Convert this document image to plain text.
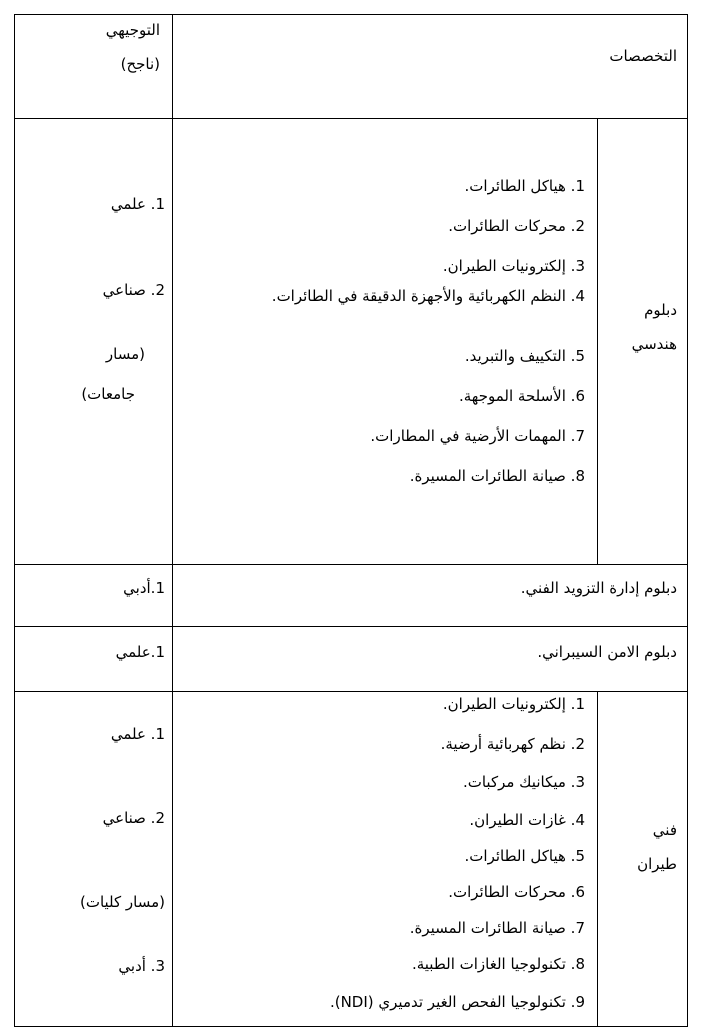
التخصصات
التوجيهي
(ناجح)
دبلوم
هندسي
1. هياكل الطائرات.
2. محركات الطائرات.
3. إلكترونيات الطيران.
4. النظم الكهربائية والأجهزة الدقيقة في الطائرات.
5. التكييف والتبريد.
6. الأسلحة الموجهة.
7. المهمات الأرضية في المطارات.
8. صيانة الطائرات المسيرة.
1. علمي
2. صناعي
(مسار
جامعات)
دبلوم إدارة التزويد الفني.
1.أدبي
دبلوم الامن السيبراني.
1.علمي
فني
طيران
1. إلكترونيات الطيران.
2. نظم كهربائية أرضية.
3. ميكانيك مركبات.
4. غازات الطيران.
5. هياكل الطائرات.
6. محركات الطائرات.
7. صيانة الطائرات المسيرة.
8. تكنولوجيا الغازات الطبية.
9. تكنولوجيا الفحص الغير تدميري (NDI).
1. علمي
2. صناعي
(مسار كليات)
3. أدبي
